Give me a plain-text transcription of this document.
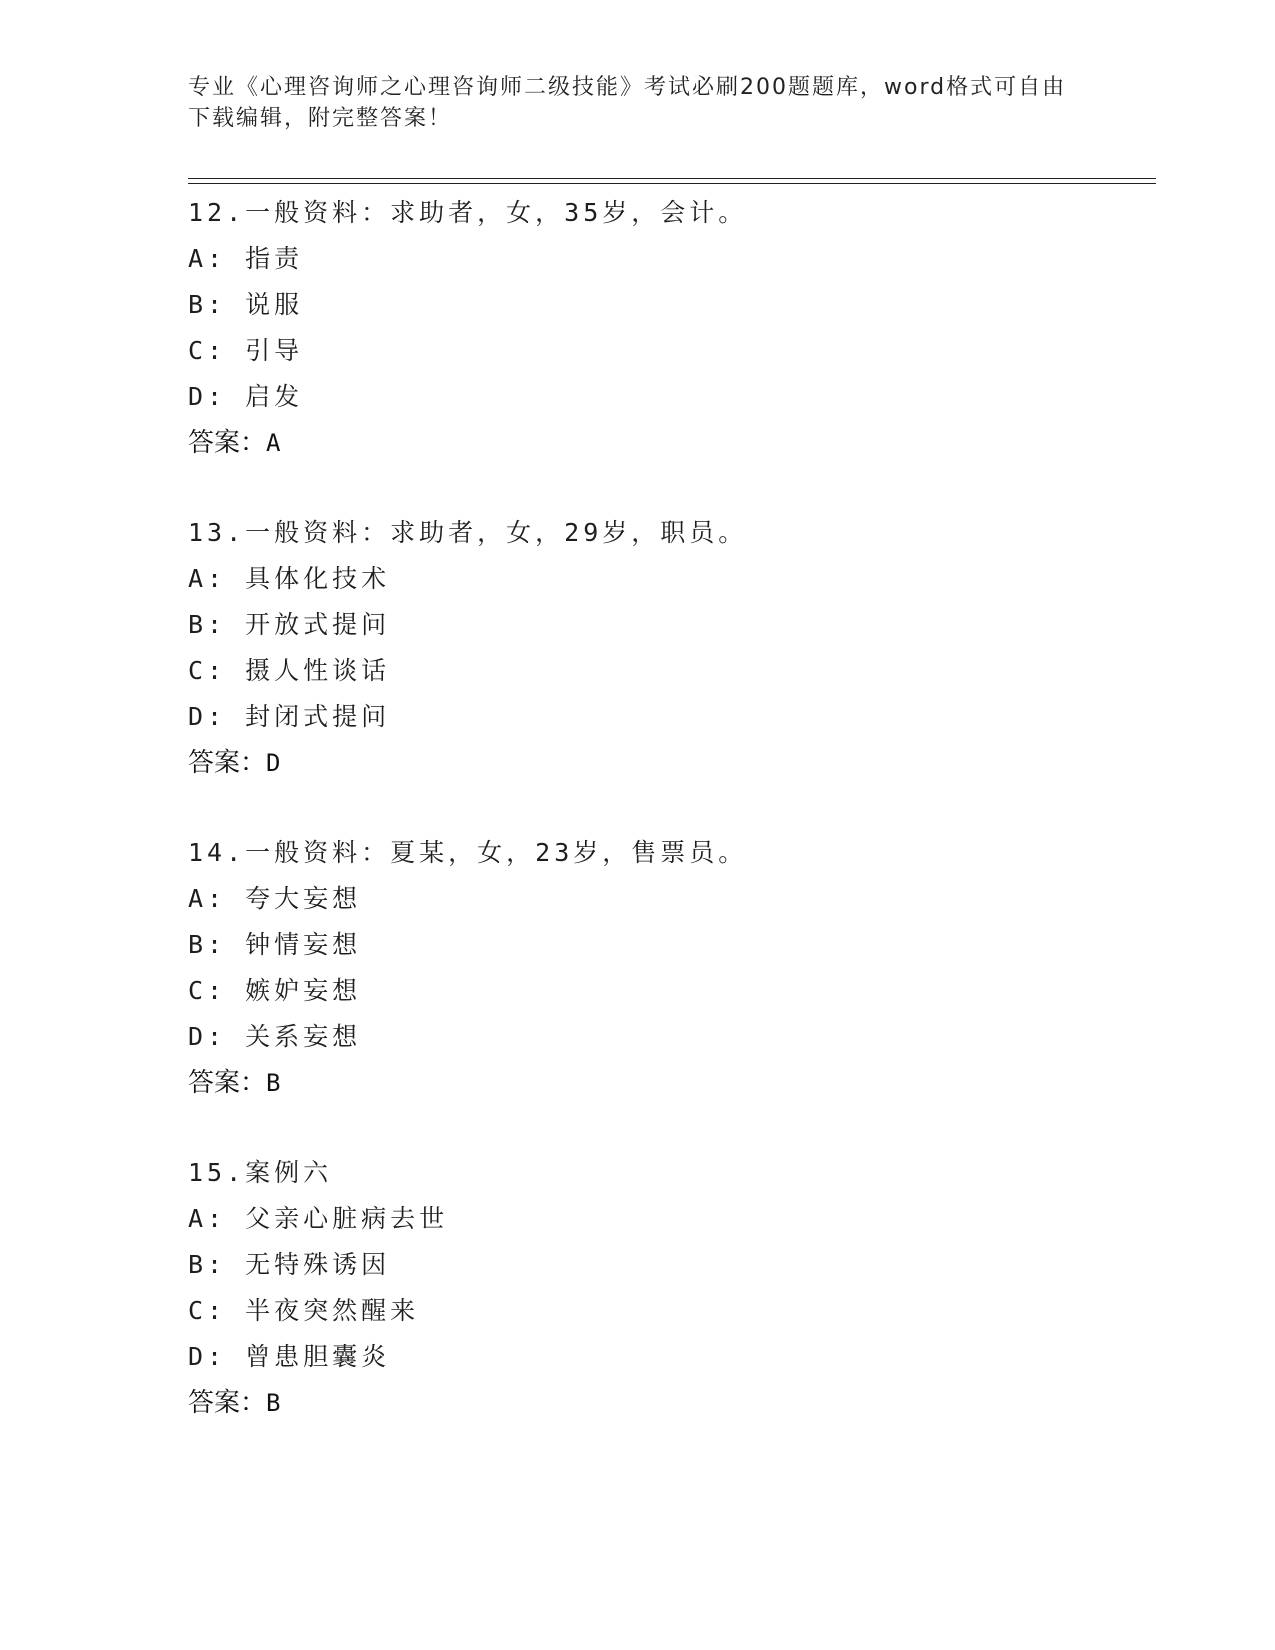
专业《心理咨询师之心理咨询师二级技能》考试必刷200题题库，word格式可自由下载编辑，附完整答案！
12.一般资料：求助者，女，35岁，会计。
A: 指责
B: 说服
C: 引导
D: 启发
答案：A
13.一般资料：求助者，女，29岁，职员。
A: 具体化技术
B: 开放式提问
C: 摄人性谈话
D: 封闭式提问
答案：D
14.一般资料：夏某，女，23岁，售票员。
A: 夸大妄想
B: 钟情妄想
C: 嫉妒妄想
D: 关系妄想
答案：B
15.案例六
A: 父亲心脏病去世
B: 无特殊诱因
C: 半夜突然醒来
D: 曾患胆囊炎
答案：B
